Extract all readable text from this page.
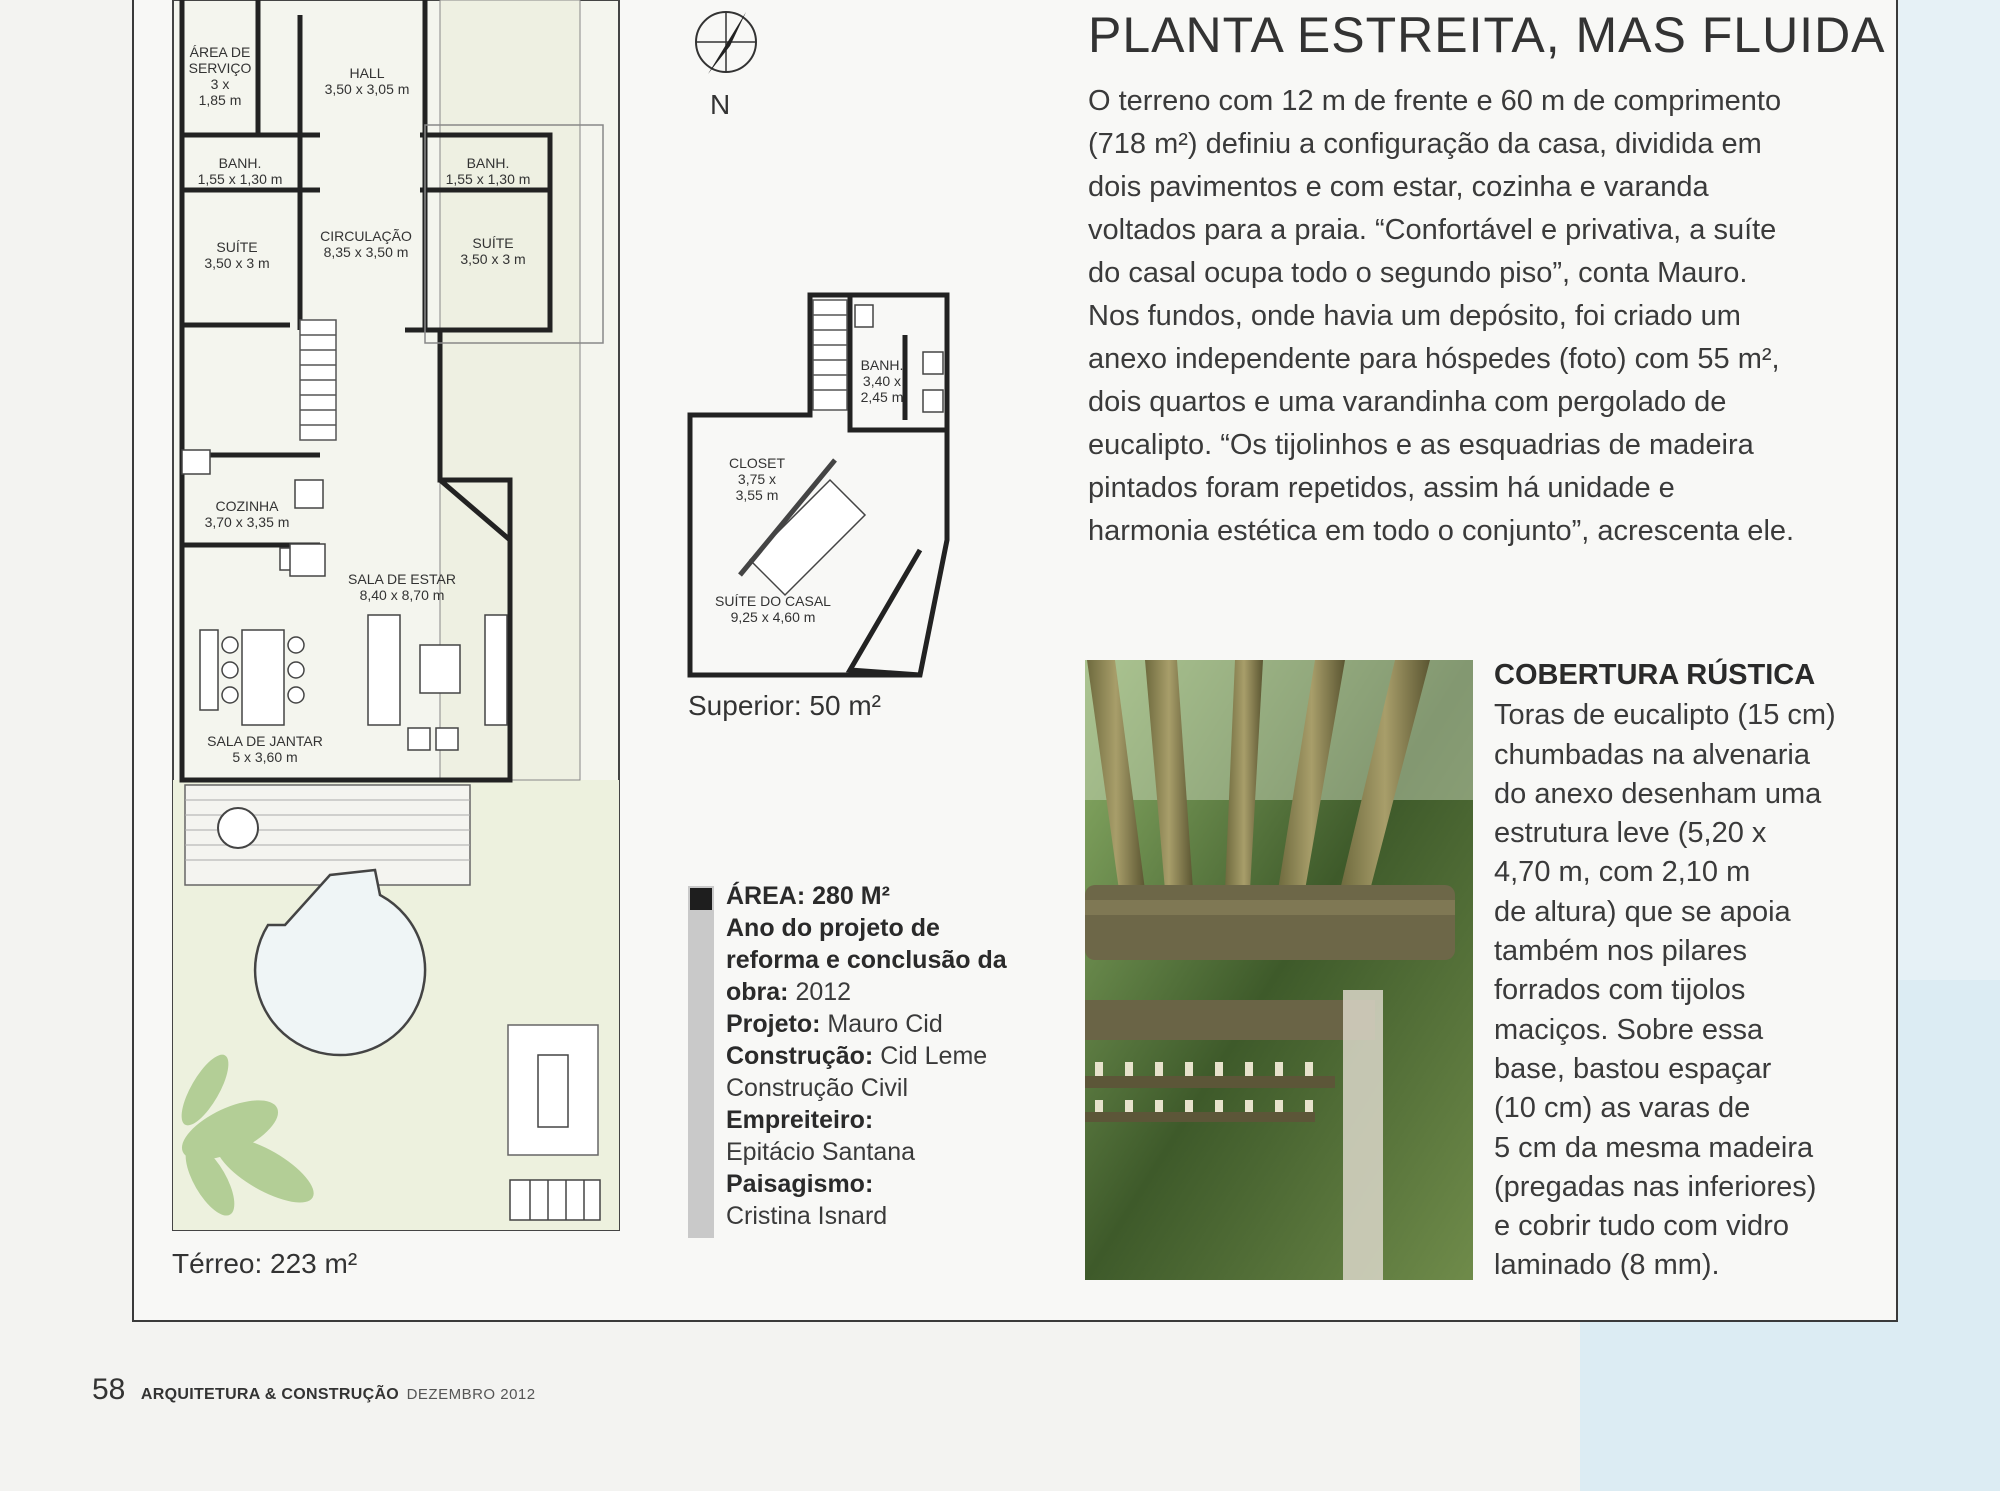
ÁREA DE
SERVIÇO
3 x
1,85 m
HALL
3,50 x 3,05 m
BANH.
1,55 x 1,30 m
BANH.
1,55 x 1,30 m
SUÍTE
3,50 x 3 m
CIRCULAÇÃO
8,35 x 3,50 m
SUÍTE
3,50 x 3 m
COZINHA
3,70 x 3,35 m
SALA DE ESTAR
8,40 x 8,70 m
SALA DE JANTAR
5 x 3,60 m
Térreo: 223 m²
N
BANH.
3,40 x
2,45 m
CLOSET
3,75 x
3,55 m
SUÍTE DO CASAL
9,25 x 4,60 m
Superior: 50 m²
ÁREA: 280 M²
Ano do projeto de reforma e conclusão da obra: 2012
Projeto: Mauro Cid
Construção: Cid Leme Construção Civil
Empreiteiro:
Epitácio Santana
Paisagismo:
Cristina Isnard
PLANTA ESTREITA, MAS FLUIDA
O terreno com 12 m de frente e 60 m de comprimento
(718 m²) definiu a configuração da casa, dividida em
dois pavimentos e com estar, cozinha e varanda
voltados para a praia. “Confortável e privativa, a suíte
do casal ocupa todo o segundo piso”, conta Mauro.
Nos fundos, onde havia um depósito, foi criado um
anexo independente para hóspedes (foto) com 55 m²,
dois quartos e uma varandinha com pergolado de
eucalipto. “Os tijolinhos e as esquadrias de madeira
pintados foram repetidos, assim há unidade e
harmonia estética em todo o conjunto”, acrescenta ele.
COBERTURA RÚSTICA
Toras de eucalipto (15 cm)
chumbadas na alvenaria
do anexo desenham uma
estrutura leve (5,20 x
4,70 m, com 2,10 m
de altura) que se apoia
também nos pilares
forrados com tijolos
maciços. Sobre essa
base, bastou espaçar
(10 cm) as varas de
5 cm da mesma madeira
(pregadas nas inferiores)
e cobrir tudo com vidro
laminado (8 mm).
58 ARQUITETURA & CONSTRUÇÃO DEZEMBRO 2012
